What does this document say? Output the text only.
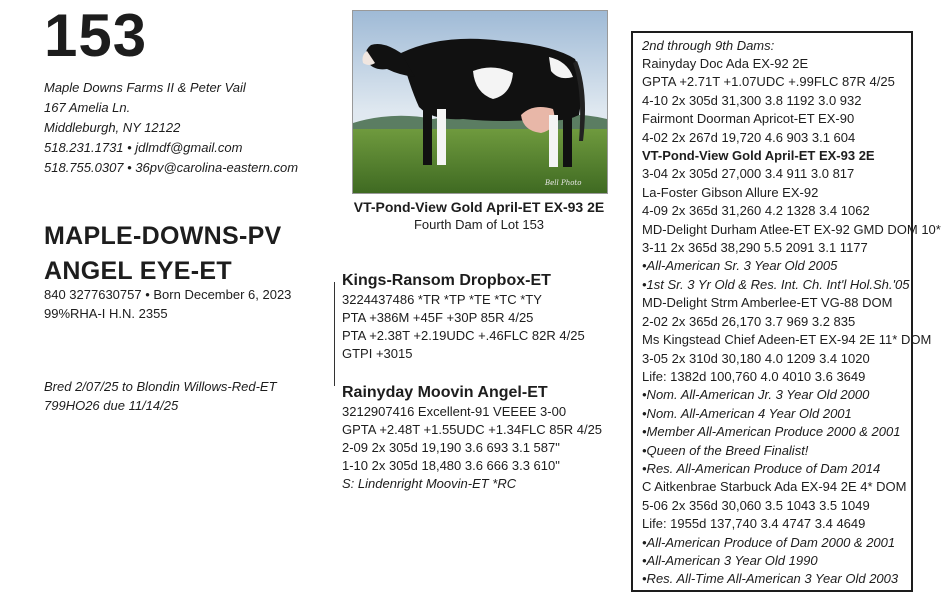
153
Maple Downs Farms II & Peter Vail
167 Amelia Ln.
Middleburgh, NY 12122
518.231.1731 • jdlmdf@gmail.com
518.755.0307 • 36pv@carolina-eastern.com
MAPLE-DOWNS-PV
ANGEL EYE-ET
840 3277630757 • Born December 6, 2023
99%RHA-I H.N. 2355
Bred 2/07/25 to Blondin Willows-Red-ET
799HO26 due 11/14/25
Bell Photo
VT-Pond-View Gold April-ET EX-93 2E
Fourth Dam of Lot 153
Kings-Ransom Dropbox-ET
3224437486 *TR *TP *TE *TC *TY
PTA +386M +45F +30P 85R 4/25
PTA +2.38T +2.19UDC +.46FLC 82R 4/25
GTPI +3015
Rainyday Moovin Angel-ET
3212907416 Excellent-91 VEEEE 3-00
GPTA +2.48T +1.55UDC +1.34FLC 85R 4/25
2-09 2x 305d 19,190 3.6 693 3.1 587"
1-10 2x 305d 18,480 3.6 666 3.3 610"
S: Lindenright Moovin-ET *RC
2nd through 9th Dams:
Rainyday Doc Ada EX-92 2E
GPTA +2.71T +1.07UDC +.99FLC 87R 4/25
4-10 2x 305d 31,300 3.8 1192 3.0 932
Fairmont Doorman Apricot-ET EX-90
4-02 2x 267d 19,720 4.6 903 3.1 604
VT-Pond-View Gold April-ET EX-93 2E
3-04 2x 305d 27,000 3.4 911 3.0 817
La-Foster Gibson Allure EX-92
4-09 2x 365d 31,260 4.2 1328 3.4 1062
MD-Delight Durham Atlee-ET EX-92 GMD DOM 10*
3-11 2x 365d 38,290 5.5 2091 3.1 1177
•All-American Sr. 3 Year Old 2005
•1st Sr. 3 Yr Old & Res. Int. Ch. Int'l Hol.Sh.'05
MD-Delight Strm Amberlee-ET VG-88 DOM
2-02 2x 365d 26,170 3.7 969 3.2 835
Ms Kingstead Chief Adeen-ET EX-94 2E 11* DOM
3-05 2x 310d 30,180 4.0 1209 3.4 1020
Life: 1382d 100,760 4.0 4010 3.6 3649
•Nom. All-American Jr. 3 Year Old 2000
•Nom. All-American 4 Year Old 2001
•Member All-American Produce 2000 & 2001
•Queen of the Breed Finalist!
•Res. All-American Produce of Dam 2014
C Aitkenbrae Starbuck Ada EX-94 2E 4* DOM
5-06 2x 356d 30,060 3.5 1043 3.5 1049
Life: 1955d 137,740 3.4 4747 3.4 4649
•All-American Produce of Dam 2000 & 2001
•All-American 3 Year Old 1990
•Res. All-Time All-American 3 Year Old 2003
